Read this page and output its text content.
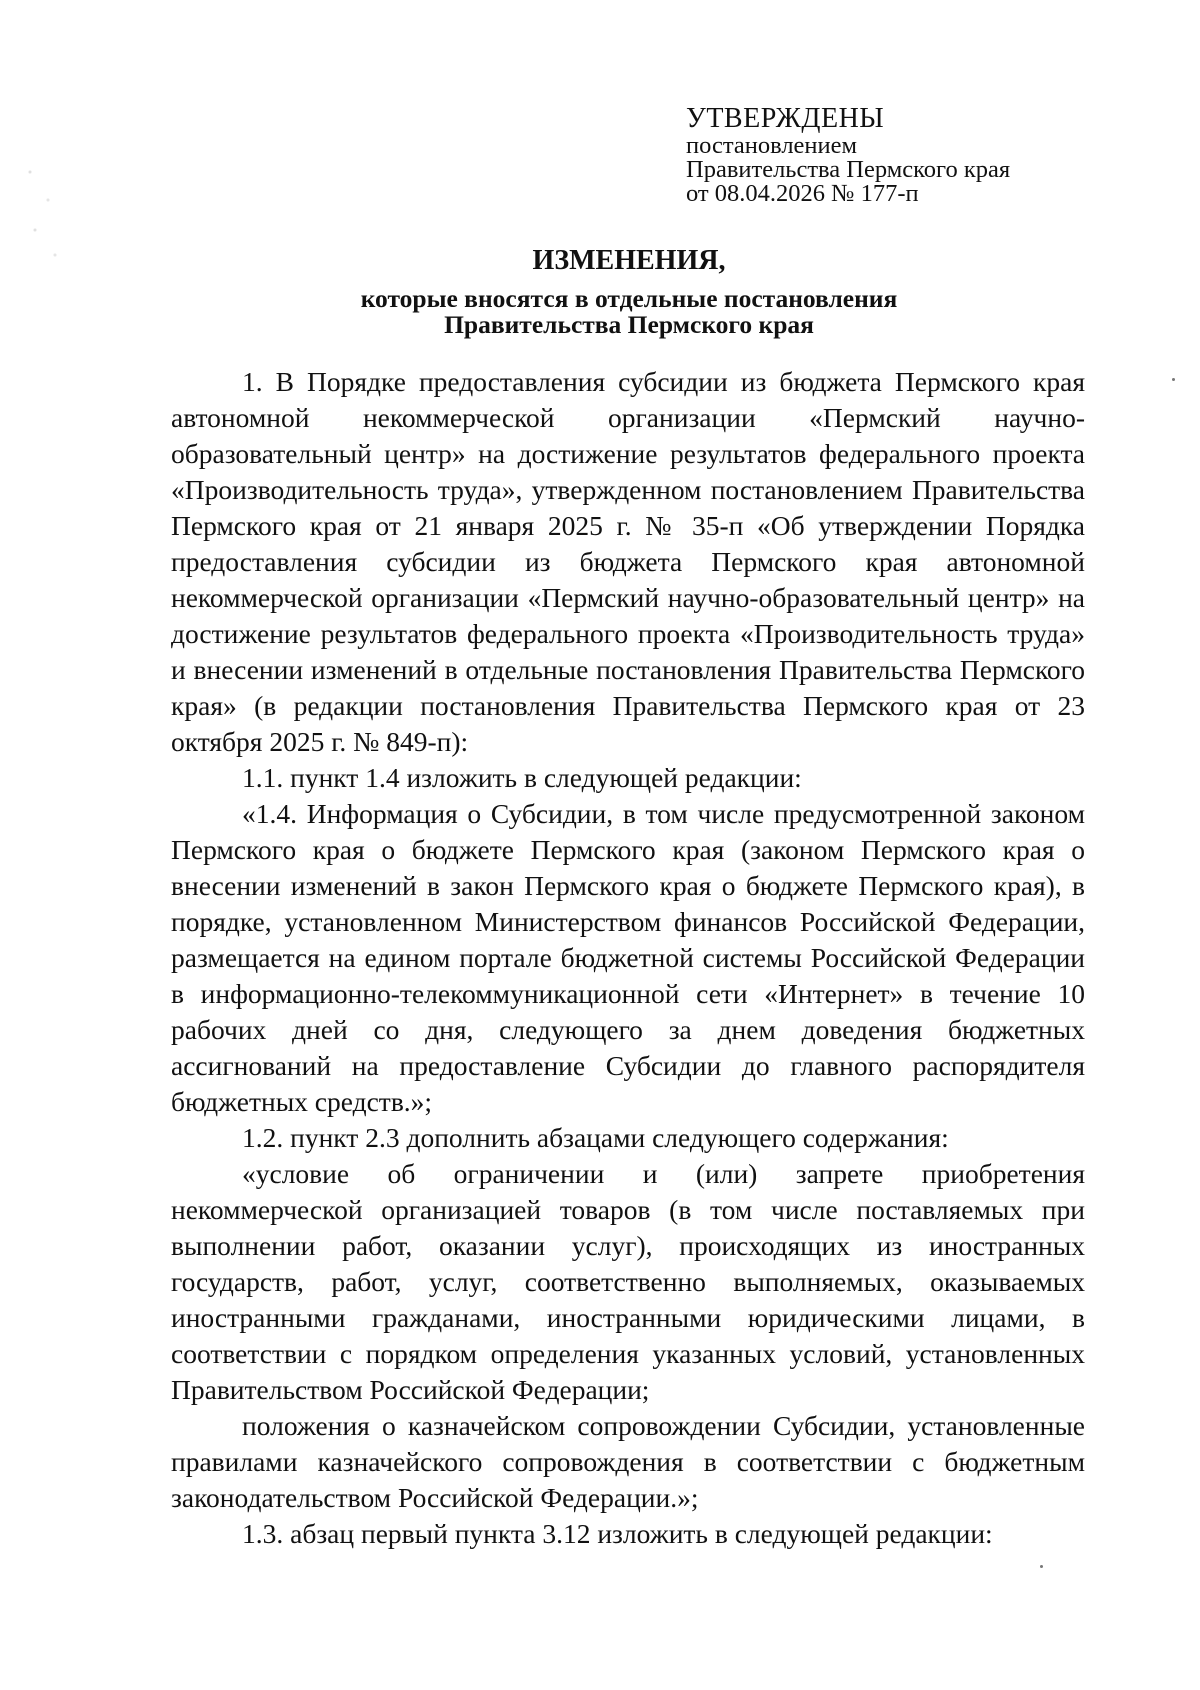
УТВЕРЖДЕНЫ
постановлением
Правительства Пермского края
от 08.04.2026 № 177-п
ИЗМЕНЕНИЯ,
которые вносятся в отдельные постановления
Правительства Пермского края

1. В Порядке предоставления субсидии из бюджета Пермского края автономной некоммерческой организации «Пермский научно-образовательный центр» на достижение результатов федерального проекта «Производительность труда», утвержденном постановлением Правительства Пермского края от 21 января 2025 г. № 35-п «Об утверждении Порядка предоставления субсидии из бюджета Пермского края автономной некоммерческой организации «Пермский научно-образовательный центр» на достижение результатов федерального проекта «Производительность труда» и внесении изменений в отдельные постановления Правительства Пермского края» (в редакции постановления Правительства Пермского края от 23 октября 2025 г. № 849-п):

1.1. пункт 1.4 изложить в следующей редакции:

«1.4. Информация о Субсидии, в том числе предусмотренной законом Пермского края о бюджете Пермского края (законом Пермского края о внесении изменений в закон Пермского края о бюджете Пермского края), в порядке, установленном Министерством финансов Российской Федерации, размещается на едином портале бюджетной системы Российской Федерации в информационно-телекоммуникационной сети «Интернет» в течение 10 рабочих дней со дня, следующего за днем доведения бюджетных ассигнований на предоставление Субсидии до главного распорядителя бюджетных средств.»;

1.2. пункт 2.3 дополнить абзацами следующего содержания:

«условие об ограничении и (или) запрете приобретения некоммерческой организацией товаров (в том числе поставляемых при выполнении работ, оказании услуг), происходящих из иностранных государств, работ, услуг, соответственно выполняемых, оказываемых иностранными гражданами, иностранными юридическими лицами, в соответствии с порядком определения указанных условий, установленных Правительством Российской Федерации;

положения о казначейском сопровождении Субсидии, установленные правилами казначейского сопровождения в соответствии с бюджетным законодательством Российской Федерации.»;

1.3. абзац первый пункта 3.12 изложить в следующей редакции:
